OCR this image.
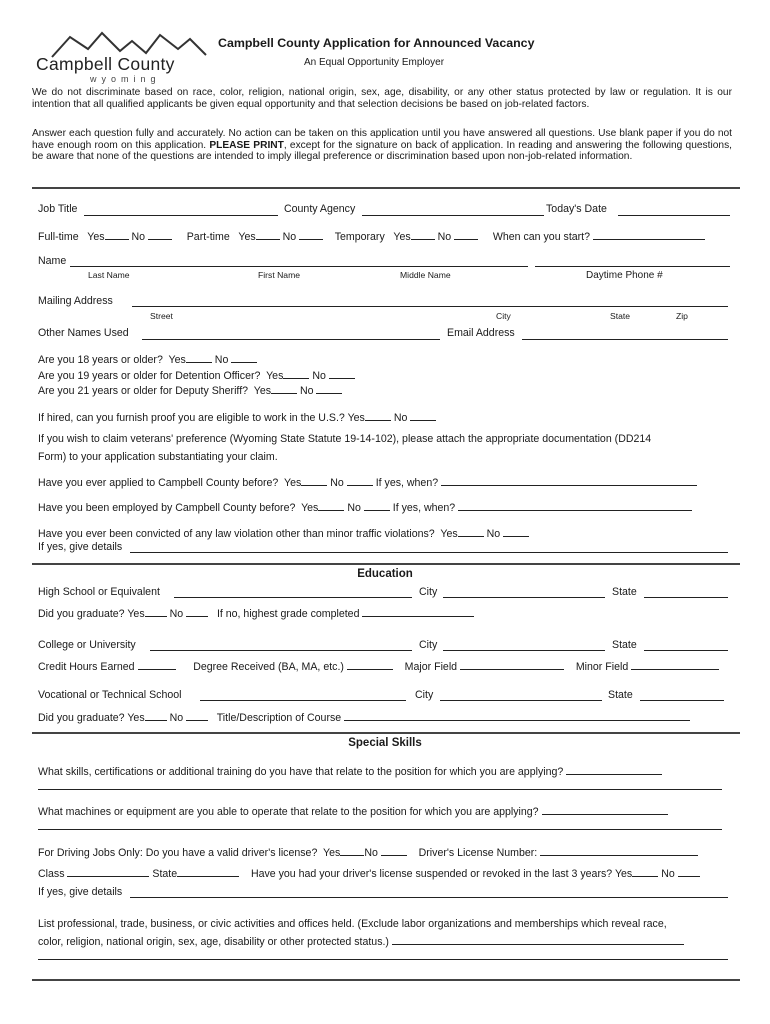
Campbell County
wyoming
Campbell County Application for Announced Vacancy
An Equal Opportunity Employer
We do not discriminate based on race, color, religion, national origin, sex, age, disability, or any other status protected by law or regulation. It is our intention that all qualified applicants be given equal opportunity and that selection decisions be based on job-related factors.
Answer each question fully and accurately. No action can be taken on this application until you have answered all questions. Use blank paper if you do not have enough room on this application. PLEASE PRINT, except for the signature on back of application. In reading and answering the following questions, be aware that none of the questions are intended to imply illegal preference or discrimination based upon non-job-related information.
Job Title	County Agency	Today's Date
Full-time Yes	No	Part-time Yes	No	Temporary Yes	No	When can you start?
Name
Last Name	First Name	Middle Name	Daytime Phone #
Mailing Address
Street	City	State	Zip
Other Names Used	Email Address
Are you 18 years or older? Yes	No
Are you 19 years or older for Detention Officer? Yes	No
Are you 21 years or older for Deputy Sheriff? Yes	No
If hired, can you furnish proof you are eligible to work in the U.S.? Yes	No
If you wish to claim veterans' preference (Wyoming State Statute 19-14-102), please attach the appropriate documentation (DD214
Form) to your application substantiating your claim.
Have you ever applied to Campbell County before? Yes	No	If yes, when?
Have you been employed by Campbell County before? Yes	No	If yes, when?
Have you ever been convicted of any law violation other than minor traffic violations? Yes	No
If yes, give details
Education
High School or Equivalent	City	State
Did you graduate? Yes No	If no, highest grade completed
College or University	City	State
Credit Hours Earned	Degree Received (BA, MA, etc.)	Major Field	Minor Field
Vocational or Technical School	City	State
Did you graduate? Yes No	Title/Description of Course
Special Skills
What skills, certifications or additional training do you have that relate to the position for which you are applying?
What machines or equipment are you able to operate that relate to the position for which you are applying?
For Driving Jobs Only: Do you have a valid driver's license? Yes No	Driver's License Number:
Class	State	Have you had your driver's license suspended or revoked in the last 3 years? Yes	No
If yes, give details
List professional, trade, business, or civic activities and offices held. (Exclude labor organizations and memberships which reveal race,
color, religion, national origin, sex, age, disability or other protected status.)
